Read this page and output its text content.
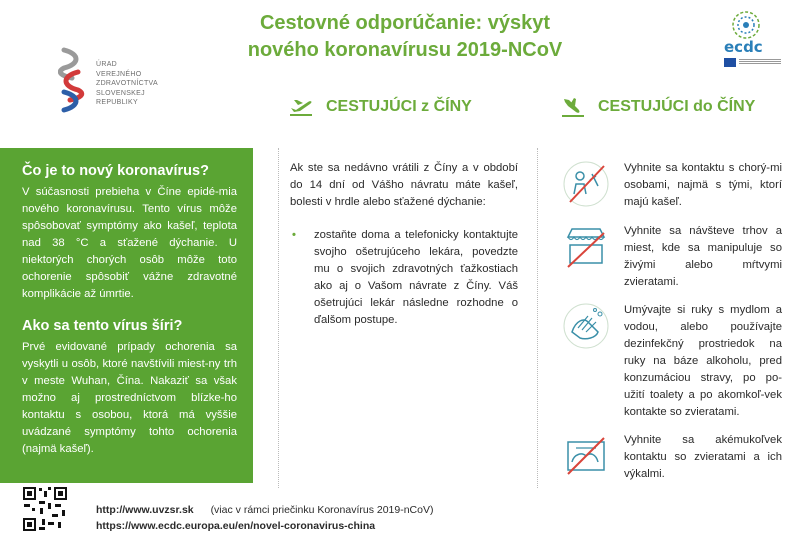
Cestovné odporúčanie: výskyt
nového koronavírusu 2019-NCoV
ÚRAD
VEREJNÉHO
ZDRAVOTNÍCTVA
SLOVENSKEJ
REPUBLIKY
ecdc
CESTUJÚCI z ČÍNY	CESTUJÚCI do ČÍNY
Čo je to nový koronavírus?

V súčasnosti prebieha v Číne epidé-mia nového koronavírusu. Tento vírus môže spôsobovať symptómy ako kašeľ, teplota nad 38 °C a sťažené dýchanie. U niektorých chorých osôb môže toto ochorenie spôsobiť vážne zdravotné komplikácie až úmrtie.

Ako sa tento vírus šíri?

Prvé evidované prípady ochorenia sa vyskytli u osôb, ktoré navštívili miest-ny trh v meste Wuhan, Čína. Nakaziť sa však možno aj prostredníctvom blízke-ho kontaktu s osobou, ktorá má vyššie uvádzané symptómy tohto ochorenia (najmä kašeľ).

Ak ste sa nedávno vrátili z Číny a v období do 14 dní od Vášho návratu máte kašeľ, bolesti v hrdle alebo sťažené dýchanie:
• zostaňte doma a telefonicky kontaktujte svojho ošetrujúceho lekára, povedzte mu o svojich zdravotných ťažkostiach ako aj o Vašom návrate z Číny. Váš ošetrujúci lekár následne rozhodne o ďalšom postupe.
Vyhnite sa kontaktu s chorý-mi osobami, najmä s tými, ktorí majú kašeľ.
Vyhnite sa návšteve trhov a miest, kde sa manipuluje so živými alebo mŕtvymi zvieratami.
Umývajte si ruky s mydlom a vodou, alebo používajte dezinfekčný prostriedok na ruky na báze alkoholu, pred konzumáciou stravy, po po-užití toalety a po akomkoľ-vek kontakte so zvieratami.
Vyhnite sa akémukoľvek kontaktu so zvieratami a ich výkalmi.
http://www.uvzsr.sk (viac v rámci priečinku Koronavírus 2019-nCoV)
https://www.ecdc.europa.eu/en/novel-coronavirus-china
